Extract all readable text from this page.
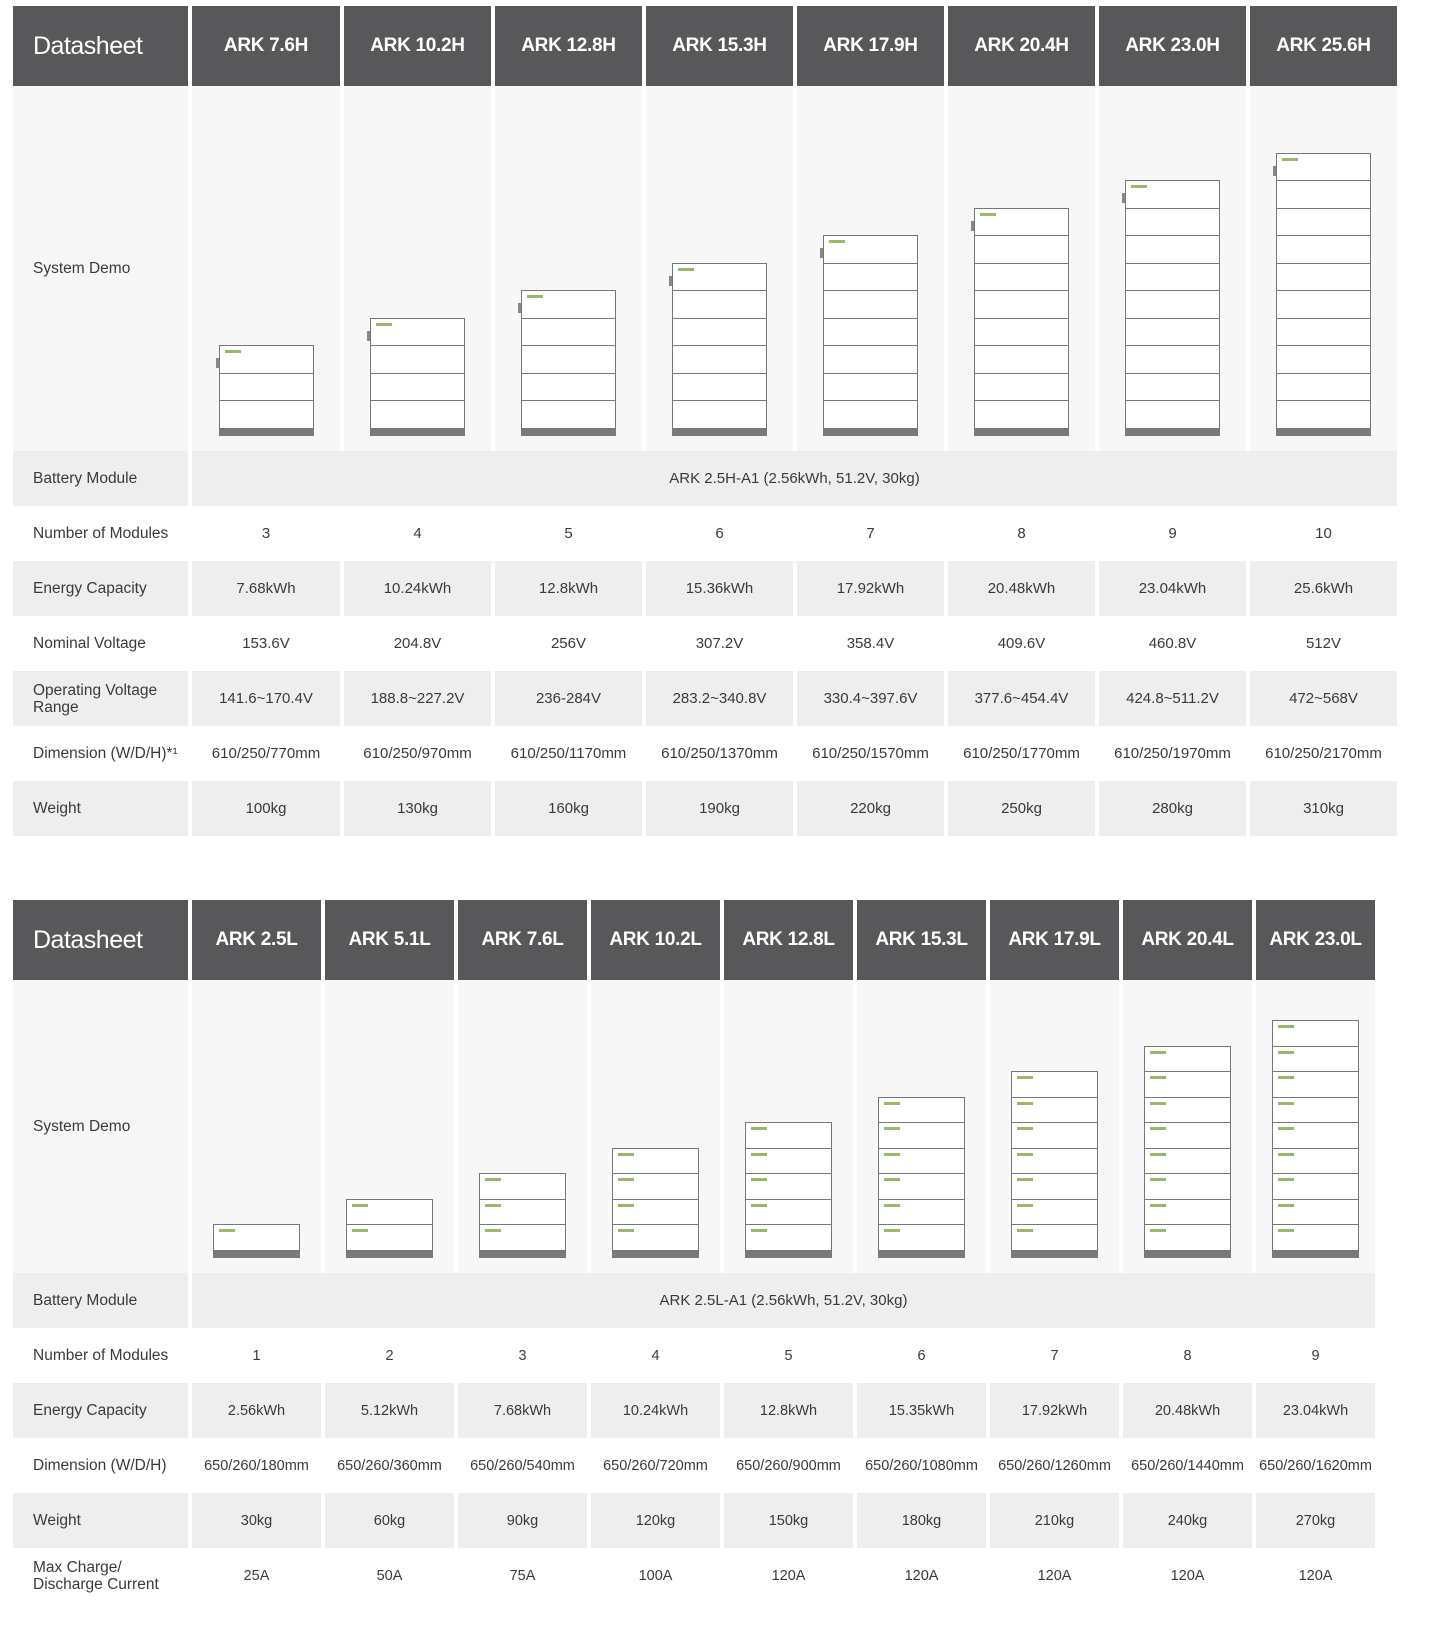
Datasheet	ARK 7.6H	ARK 10.2H	ARK 12.8H	ARK 15.3H	ARK 17.9H	ARK 20.4H	ARK 23.0H	ARK 25.6H
System Demo
Battery Module	ARK 2.5H-A1 (2.56kWh, 51.2V, 30kg)
Number of Modules	3	4	5	6	7	8	9	10
Energy Capacity	7.68kWh	10.24kWh	12.8kWh	15.36kWh	17.92kWh	20.48kWh	23.04kWh	25.6kWh
Nominal Voltage	153.6V	204.8V	256V	307.2V	358.4V	409.6V	460.8V	512V
Operating Voltage Range	141.6~170.4V	188.8~227.2V	236-284V	283.2~340.8V	330.4~397.6V	377.6~454.4V	424.8~511.2V	472~568V
Dimension (W/D/H)*¹	610/250/770mm	610/250/970mm	610/250/1170mm	610/250/1370mm	610/250/1570mm	610/250/1770mm	610/250/1970mm	610/250/2170mm
Weight	100kg	130kg	160kg	190kg	220kg	250kg	280kg	310kg
Datasheet	ARK 2.5L	ARK 5.1L	ARK 7.6L	ARK 10.2L	ARK 12.8L	ARK 15.3L	ARK 17.9L	ARK 20.4L	ARK 23.0L
System Demo
Battery Module	ARK 2.5L-A1 (2.56kWh, 51.2V, 30kg)
Number of Modules	1	2	3	4	5	6	7	8	9
Energy Capacity	2.56kWh	5.12kWh	7.68kWh	10.24kWh	12.8kWh	15.35kWh	17.92kWh	20.48kWh	23.04kWh
Dimension (W/D/H)	650/260/180mm	650/260/360mm	650/260/540mm	650/260/720mm	650/260/900mm	650/260/1080mm	650/260/1260mm	650/260/1440mm	650/260/1620mm
Weight	30kg	60kg	90kg	120kg	150kg	180kg	210kg	240kg	270kg
Max Charge/ Discharge Current	25A	50A	75A	100A	120A	120A	120A	120A	120A
